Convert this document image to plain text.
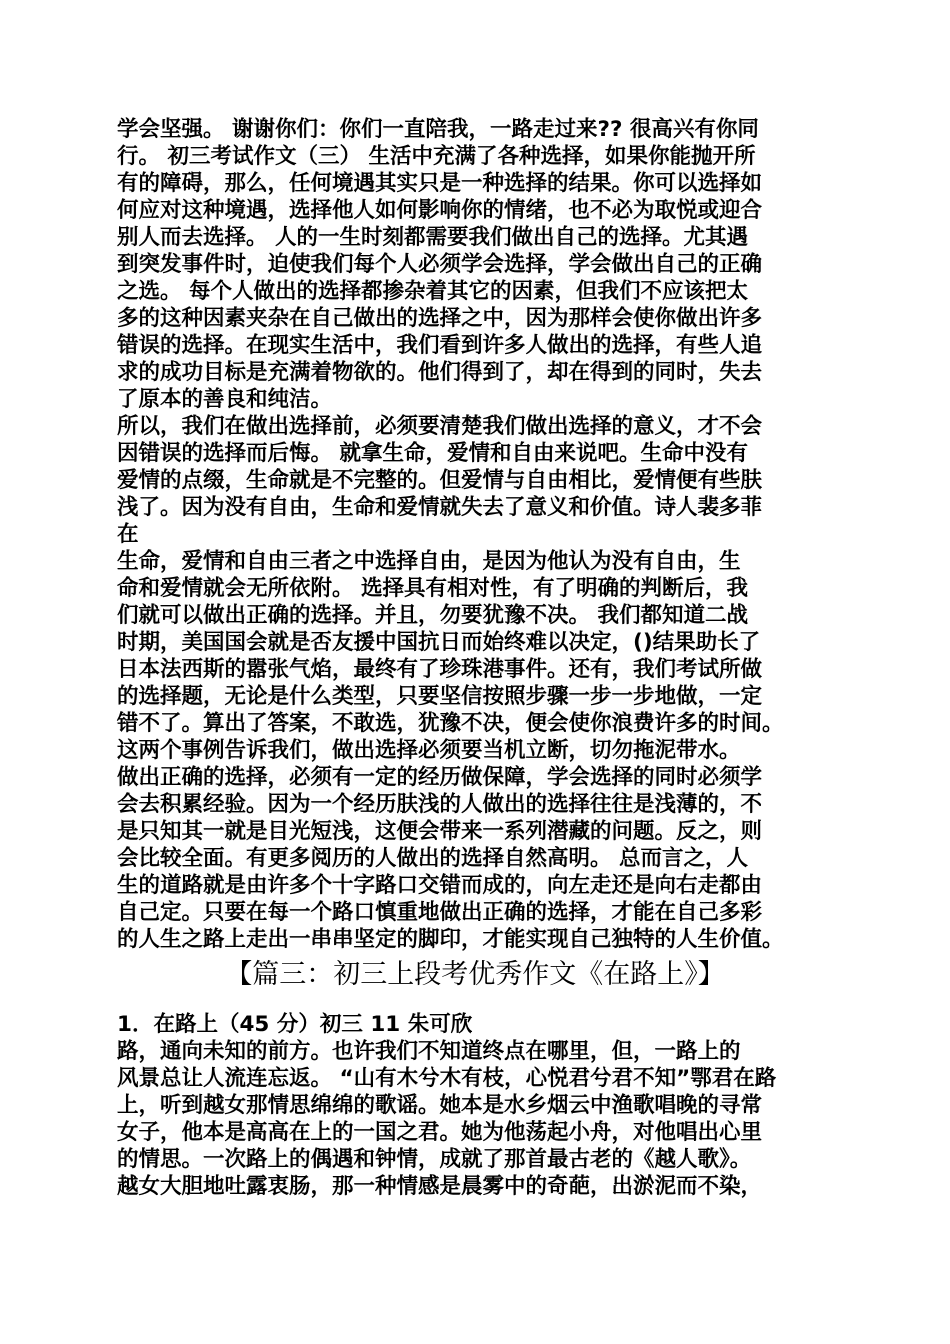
学会坚强。 谢谢你们：你们一直陪我，一路走过来?? 很高兴有你同
行。 初三考试作文（三） 生活中充满了各种选择，如果你能抛开所
有的障碍，那么，任何境遇其实只是一种选择的结果。你可以选择如
何应对这种境遇，选择他人如何影响你的情绪，也不必为取悦或迎合
别人而去选择。 人的一生时刻都需要我们做出自己的选择。尤其遇
到突发事件时，迫使我们每个人必须学会选择，学会做出自己的正确
之选。 每个人做出的选择都掺杂着其它的因素，但我们不应该把太
多的这种因素夹杂在自己做出的选择之中，因为那样会使你做出许多
错误的选择。在现实生活中，我们看到许多人做出的选择，有些人追
求的成功目标是充满着物欲的。他们得到了，却在得到的同时，失去
了原本的善良和纯洁。
所以，我们在做出选择前，必须要清楚我们做出选择的意义，才不会
因错误的选择而后悔。 就拿生命，爱情和自由来说吧。生命中没有
爱情的点缀，生命就是不完整的。但爱情与自由相比，爱情便有些肤
浅了。因为没有自由，生命和爱情就失去了意义和价值。诗人裴多菲
在
生命，爱情和自由三者之中选择自由，是因为他认为没有自由，生
命和爱情就会无所依附。 选择具有相对性，有了明确的判断后，我
们就可以做出正确的选择。并且，勿要犹豫不决。 我们都知道二战
时期，美国国会就是否友援中国抗日而始终难以决定，()结果助长了
日本法西斯的嚣张气焰，最终有了珍珠港事件。还有，我们考试所做
的选择题，无论是什么类型，只要坚信按照步骤一步一步地做，一定
错不了。算出了答案，不敢选，犹豫不决，便会使你浪费许多的时间。
这两个事例告诉我们，做出选择必须要当机立断，切勿拖泥带水。
做出正确的选择，必须有一定的经历做保障，学会选择的同时必须学
会去积累经验。因为一个经历肤浅的人做出的选择往往是浅薄的，不
是只知其一就是目光短浅，这便会带来一系列潜藏的问题。反之，则
会比较全面。有更多阅历的人做出的选择自然高明。 总而言之，人
生的道路就是由许多个十字路口交错而成的，向左走还是向右走都由
自己定。只要在每一个路口慎重地做出正确的选择，才能在自己多彩
的人生之路上走出一串串坚定的脚印，才能实现自己独特的人生价值。
【篇三：初三上段考优秀作文《在路上》】
1．在路上（45 分）初三 11 朱可欣
路，通向未知的前方。也许我们不知道终点在哪里，但，一路上的
风景总让人流连忘返。 “山有木兮木有枝，心悦君兮君不知”鄂君在路
上，听到越女那情思绵绵的歌谣。她本是水乡烟云中渔歌唱晚的寻常
女子，他本是高高在上的一国之君。她为他荡起小舟，对他唱出心里
的情思。一次路上的偶遇和钟情，成就了那首最古老的《越人歌》。
越女大胆地吐露衷肠，那一种情感是晨雾中的奇葩，出淤泥而不染，
